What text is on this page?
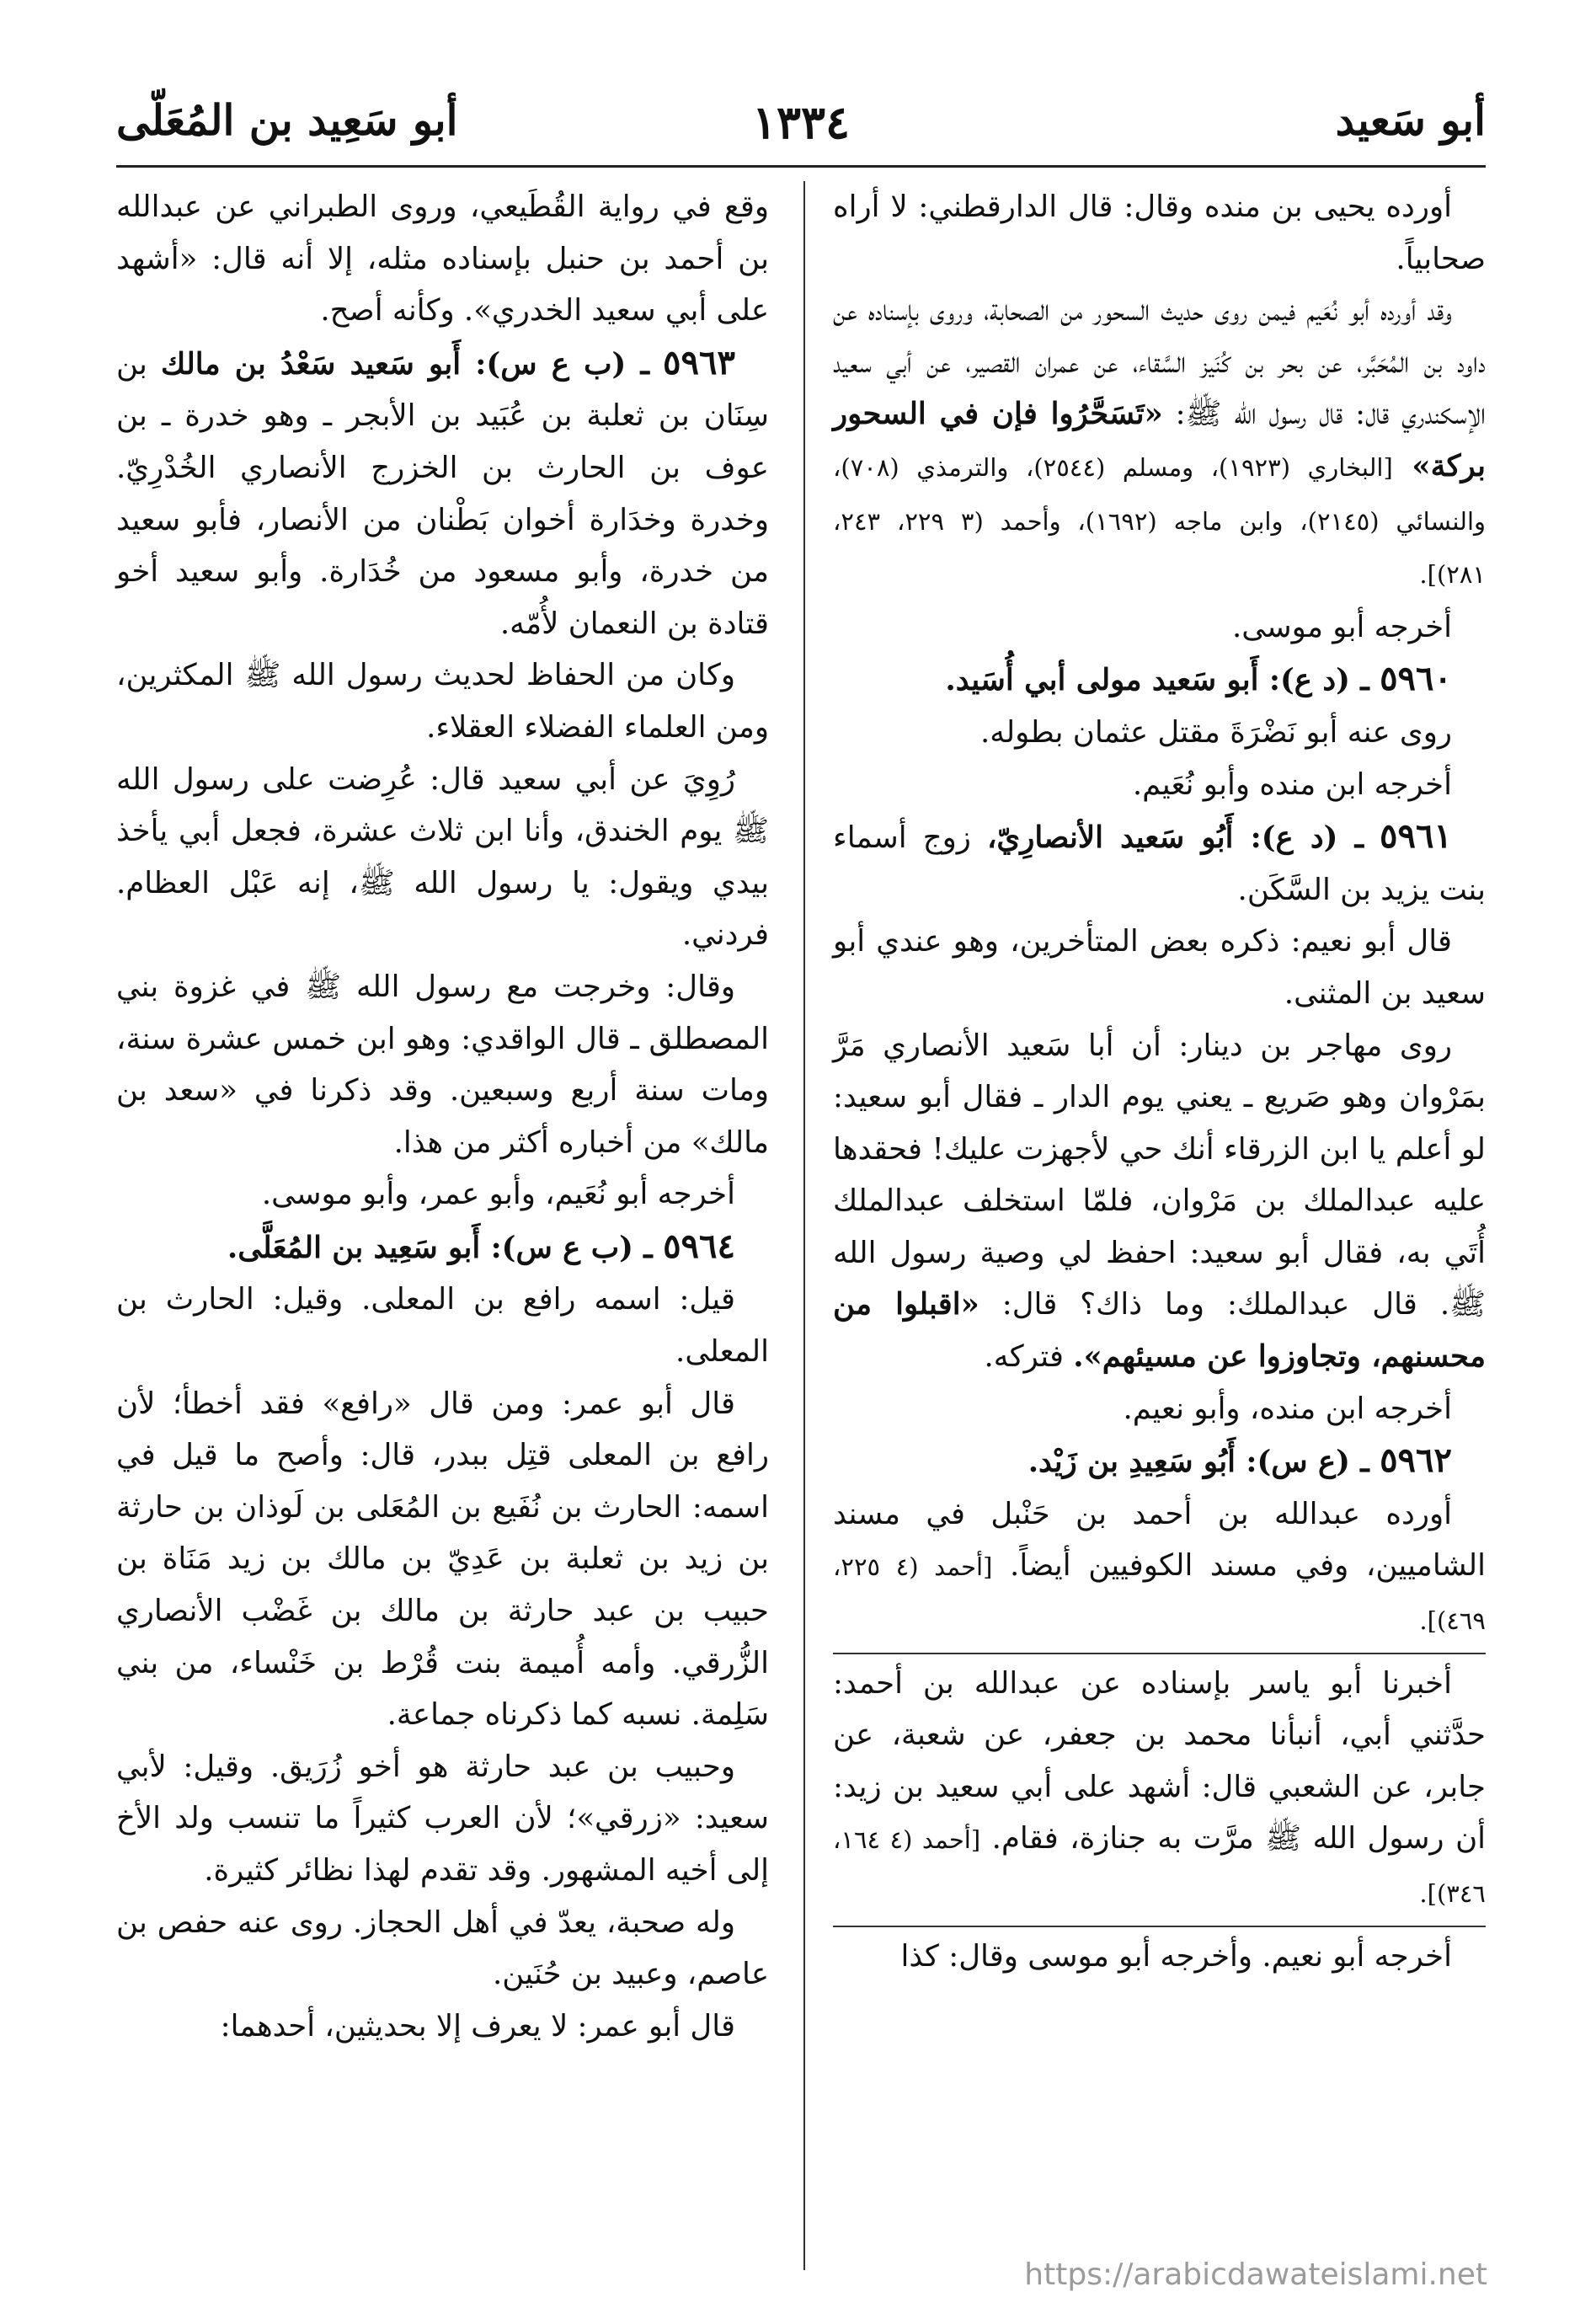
أبو سَعيد
١٣٣٤
أبو سَعِيد بن المُعَلّى

أورده يحيى بن منده وقال: قال الدارقطني: لا أراه صحابياً.

وقد أورده أبو نُعَيم فيمن روى حديث السحور من الصحابة، وروى بإسناده عن داود بن المُحَبَّر، عن بحر بن كُنَيز السَّقاء، عن عمران القصير، عن أبي سعيد الإسكندري قال: قال رسول الله ﷺ: «تَسَحَّرُوا فإن في السحور بركة» [البخاري (١٩٢٣)، ومسلم (٢٥٤٤)، والترمذي (٧٠٨)، والنسائي (٢١٤٥)، وابن ماجه (١٦٩٢)، وأحمد (٣ ٢٢٩، ٢٤٣، ٢٨١)].

أخرجه أبو موسى.

٥٩٦٠ ـ (د ع): أَبو سَعيد مولى أبي أُسَيد.

روى عنه أبو نَضْرَةَ مقتل عثمان بطوله.

أخرجه ابن منده وأبو نُعَيم.

٥٩٦١ ـ (د ع): أَبُو سَعيد الأنصارِيّ، زوج أسماء بنت يزيد بن السَّكَن.

قال أبو نعيم: ذكره بعض المتأخرين، وهو عندي أبو سعيد بن المثنى.

روى مهاجر بن دينار: أن أبا سَعيد الأنصاري مَرَّ بمَرْوان وهو صَريع ـ يعني يوم الدار ـ فقال أبو سعيد: لو أعلم يا ابن الزرقاء أنك حي لأجهزت عليك! فحقدها عليه عبدالملك بن مَرْوان، فلمّا استخلف عبدالملك أُتَي به، فقال أبو سعيد: احفظ لي وصية رسول الله ﷺ. قال عبدالملك: وما ذاك؟ قال: «اقبلوا من محسنهم، وتجاوزوا عن مسيئهم». فتركه.

أخرجه ابن منده، وأبو نعيم.

٥٩٦٢ ـ (ع س): أَبُو سَعِيدِ بن زَيْد.

أورده عبدالله بن أحمد بن حَنْبل في مسند الشاميين، وفي مسند الكوفيين أيضاً. [أحمد (٤ ٢٢٥، ٤٦٩)].

أخبرنا أبو ياسر بإسناده عن عبدالله بن أحمد: حدَّثني أبي، أنبأنا محمد بن جعفر، عن شعبة، عن جابر، عن الشعبي قال: أشهد على أبي سعيد بن زيد: أن رسول الله ﷺ مرَّت به جنازة، فقام. [أحمد (٤ ١٦٤، ٣٤٦)].

أخرجه أبو نعيم. وأخرجه أبو موسى وقال: كذا

وقع في رواية القُطَيعي، وروى الطبراني عن عبدالله بن أحمد بن حنبل بإسناده مثله، إلا أنه قال: «أشهد على أبي سعيد الخدري». وكأنه أصح.

٥٩٦٣ ـ (ب ع س): أَبو سَعيد سَعْدُ بن مالك بن سِنَان بن ثعلبة بن عُبَيد بن الأبجر ـ وهو خدرة ـ بن عوف بن الحارث بن الخزرج الأنصاري الخُدْرِيّ. وخدرة وخدَارة أخوان بَطْنان من الأنصار، فأبو سعيد من خدرة، وأبو مسعود من خُدَارة. وأبو سعيد أخو قتادة بن النعمان لأُمّه.

وكان من الحفاظ لحديث رسول الله ﷺ المكثرين، ومن العلماء الفضلاء العقلاء.

رُوِيَ عن أبي سعيد قال: عُرِضت على رسول الله ﷺ يوم الخندق، وأنا ابن ثلاث عشرة، فجعل أبي يأخذ بيدي ويقول: يا رسول الله ﷺ، إنه عَبْل العظام. فردني.

وقال: وخرجت مع رسول الله ﷺ في غزوة بني المصطلق ـ قال الواقدي: وهو ابن خمس عشرة سنة، ومات سنة أربع وسبعين. وقد ذكرنا في «سعد بن مالك» من أخباره أكثر من هذا.

أخرجه أبو نُعَيم، وأبو عمر، وأبو موسى.

٥٩٦٤ ـ (ب ع س): أَبو سَعِيد بن المُعَلَّى.

قيل: اسمه رافع بن المعلى. وقيل: الحارث بن المعلى.

قال أبو عمر: ومن قال «رافع» فقد أخطأ؛ لأن رافع بن المعلى قتِل ببدر، قال: وأصح ما قيل في اسمه: الحارث بن نُفَيع بن المُعَلى بن لَوذان بن حارثة بن زيد بن ثعلبة بن عَدِيّ بن مالك بن زيد مَنَاة بن حبيب بن عبد حارثة بن مالك بن غَضْب الأنصاري الزُّرقي. وأمه أُميمة بنت قُرْط بن خَنْساء، من بني سَلِمة. نسبه كما ذكرناه جماعة.

وحبيب بن عبد حارثة هو أخو زُرَيق. وقيل: لأبي سعيد: «زرقي»؛ لأن العرب كثيراً ما تنسب ولد الأخ إلى أخيه المشهور. وقد تقدم لهذا نظائر كثيرة.

وله صحبة، يعدّ في أهل الحجاز. روى عنه حفص بن عاصم، وعبيد بن حُنَين.

قال أبو عمر: لا يعرف إلا بحديثين، أحدهما:

https://arabicdawateislami.net
